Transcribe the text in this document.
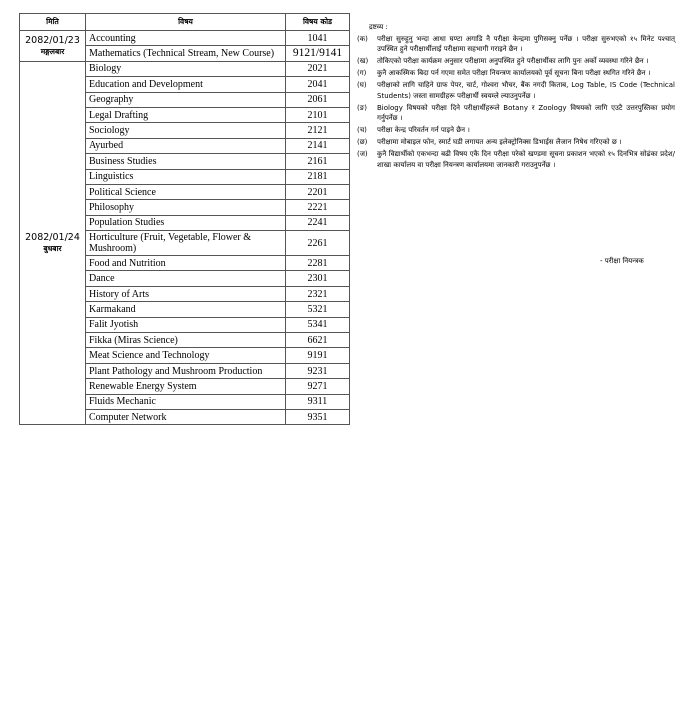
मिति	विषय	विषय कोड

2082/01/23
मङ्गलबार	Accounting	1041
	Mathematics (Technical Stream, New Course)	9121/9141

2082/01/24
बुधबार	Biology	2021
	Education and Development	2041
	Geography	2061
	Legal Drafting	2101
	Sociology	2121
	Ayurbed	2141
	Business Studies	2161
	Linguistics	2181
	Political Science	2201
	Philosophy	2221
	Population Studies	2241
	Horticulture (Fruit, Vegetable, Flower & Mushroom)	2261
	Food and Nutrition	2281
	Dance	2301
	History of Arts	2321
	Karmakand	5321
	Falit Jyotish	5341
	Fikka (Miras Science)	6621
	Meat Science and Technology	9191
	Plant Pathology and Mushroom Production	9231
	Renewable Energy System	9271
	Fluids Mechanic	9311
	Computer Network	9351
द्रष्टव्य :
(क)	परीक्षा सुरुहुनु भन्दा आधा घण्टा अगाडि नै परीक्षा केन्द्रमा पुगिसक्नु पर्नेछ । परीक्षा सुरुभएको १५ मिनेट पश्चात् उपस्थित हुने परीक्षार्थीलाई परीक्षामा सहभागी गराइने छैन ।
(ख)	तोकिएको परीक्षा कार्यक्रम अनुसार परीक्षामा अनुपस्थित हुने परीक्षार्थीका लागि पुनः अर्को व्यवस्था गरिने छैन ।
(ग)	कुनै आकस्मिक बिदा पर्न गएमा समेत परीक्षा नियन्त्रण कार्यालयको पूर्व सूचना बिना परीक्षा स्थगित गरिने छैन ।
(घ)	परीक्षाको लागि चाहिने ग्राफ पेपर, चार्ट, गोश्वरा भौचर, बैंक नगदी किताब, Log Table, IS Code (Technical Students) जस्ता सामग्रीहरू परीक्षार्थी स्वयम्ले ल्याउनुपर्नेछ ।
(ङ)	Biology विषयको परीक्षा दिने परीक्षार्थीहरूले Botany र Zoology विषयको लागि एउटै उत्तरपुस्तिका प्रयोग गर्नुपर्नेछ ।
(च)	परीक्षा केन्द्र परिवर्तन गर्न पाइने छैन ।
(छ)	परीक्षामा मोबाइल फोन, स्मार्ट घडी लगायत अन्य इलेक्ट्रोनिक्स डिभाईस लैजान निषेध गरिएको छ ।
(ज)	कुनै विद्यार्थीको एकभन्दा बढी विषय एकै दिन परीक्षा परेको खण्डमा सूचना प्रकाशन भएको १५ दिनभित्र सोढंका प्रदेश/शाखा कार्यालय वा परीक्षा नियन्त्रण कार्यालयमा जानकारी गराउनुपर्नेछ ।
- परीक्षा नियन्त्रक
